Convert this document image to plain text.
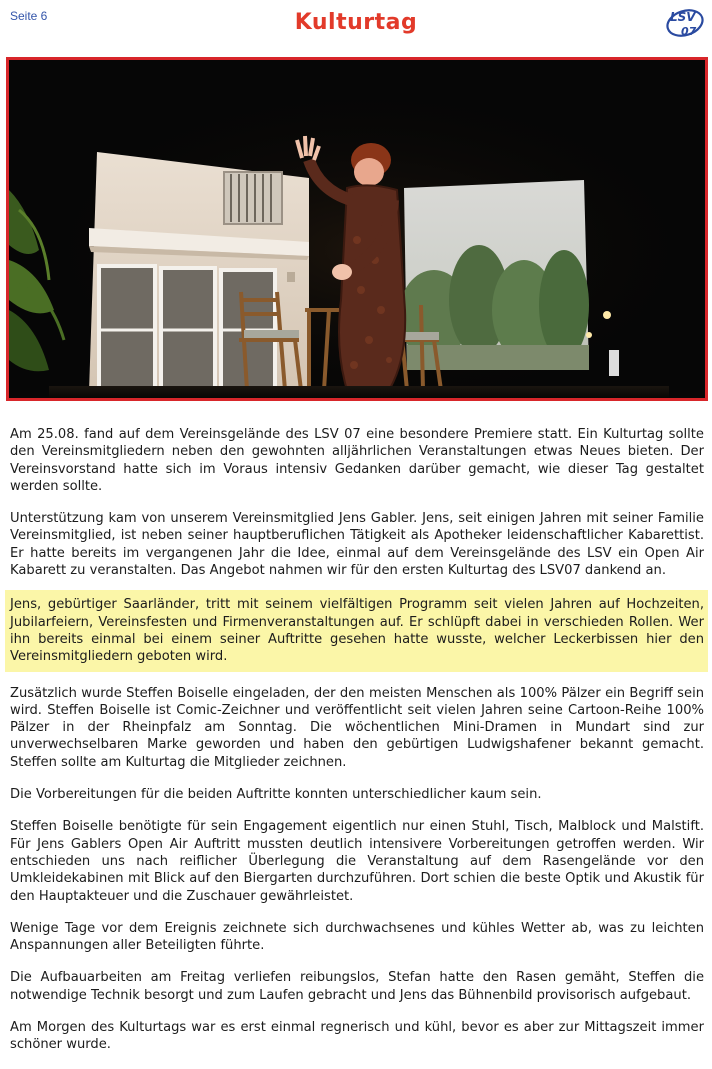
Seite 6	Kulturtag	LSV
07

Am 25.08. fand auf dem Vereinsgelände des LSV 07 eine besondere Premiere statt. Ein Kulturtag sollte den Vereinsmitgliedern neben den gewohnten alljährlichen Veranstaltungen etwas Neues bieten. Der Vereinsvorstand hatte sich im Voraus intensiv Gedanken darüber gemacht, wie dieser Tag gestaltet werden sollte.

Unterstützung kam von unserem Vereinsmitglied Jens Gabler. Jens, seit einigen Jahren mit seiner Familie Vereinsmitglied, ist neben seiner hauptberuflichen Tätigkeit als Apotheker leidenschaftlicher Kabarettist. Er hatte bereits im vergangenen Jahr die Idee, einmal auf dem Vereinsgelände des LSV ein Open Air Kabarett zu veranstalten. Das Angebot nahmen wir für den ersten Kulturtag des LSV07 dankend an.

Jens, gebürtiger Saarländer, tritt mit seinem vielfältigen Programm seit vielen Jahren auf Hochzeiten, Jubilarfeiern, Vereinsfesten und Firmenveranstaltungen auf. Er schlüpft dabei in verschieden Rollen. Wer ihn bereits einmal bei einem seiner Auftritte gesehen hatte wusste, welcher Leckerbissen hier den Vereinsmitgliedern geboten wird.

Zusätzlich wurde Steffen Boiselle eingeladen, der den meisten Menschen als 100% Pälzer ein Begriff sein wird. Steffen Boiselle ist Comic-Zeichner und veröffentlicht seit vielen Jahren seine Cartoon-Reihe 100% Pälzer in der Rheinpfalz am Sonntag. Die wöchentlichen Mini-Dramen in Mundart sind zur unverwechselbaren Marke geworden und haben den gebürtigen Ludwigshafener bekannt gemacht. Steffen sollte am Kulturtag die Mitglieder zeichnen.

Die Vorbereitungen für die beiden Auftritte konnten unterschiedlicher kaum sein.

Steffen Boiselle benötigte für sein Engagement eigentlich nur einen Stuhl, Tisch, Malblock und Malstift. Für Jens Gablers Open Air Auftritt mussten deutlich intensivere Vorbereitungen getroffen werden. Wir entschieden uns nach reiflicher Überlegung die Veranstaltung auf dem Rasengelände vor den Umkleidekabinen mit Blick auf den Biergarten durchzuführen. Dort schien die beste Optik und Akustik für den Hauptakteuer und die Zuschauer gewährleistet.

Wenige Tage vor dem Ereignis zeichnete sich durchwachsenes und kühles Wetter ab, was zu leichten Anspannungen aller Beteiligten führte.

Die Aufbauarbeiten am Freitag verliefen reibungslos, Stefan hatte den Rasen gemäht, Steffen die notwendige Technik besorgt und zum Laufen gebracht und Jens das Bühnenbild provisorisch aufgebaut.

Am Morgen des Kulturtags war es erst einmal regnerisch und kühl, bevor es aber zur Mittagszeit immer schöner wurde.
